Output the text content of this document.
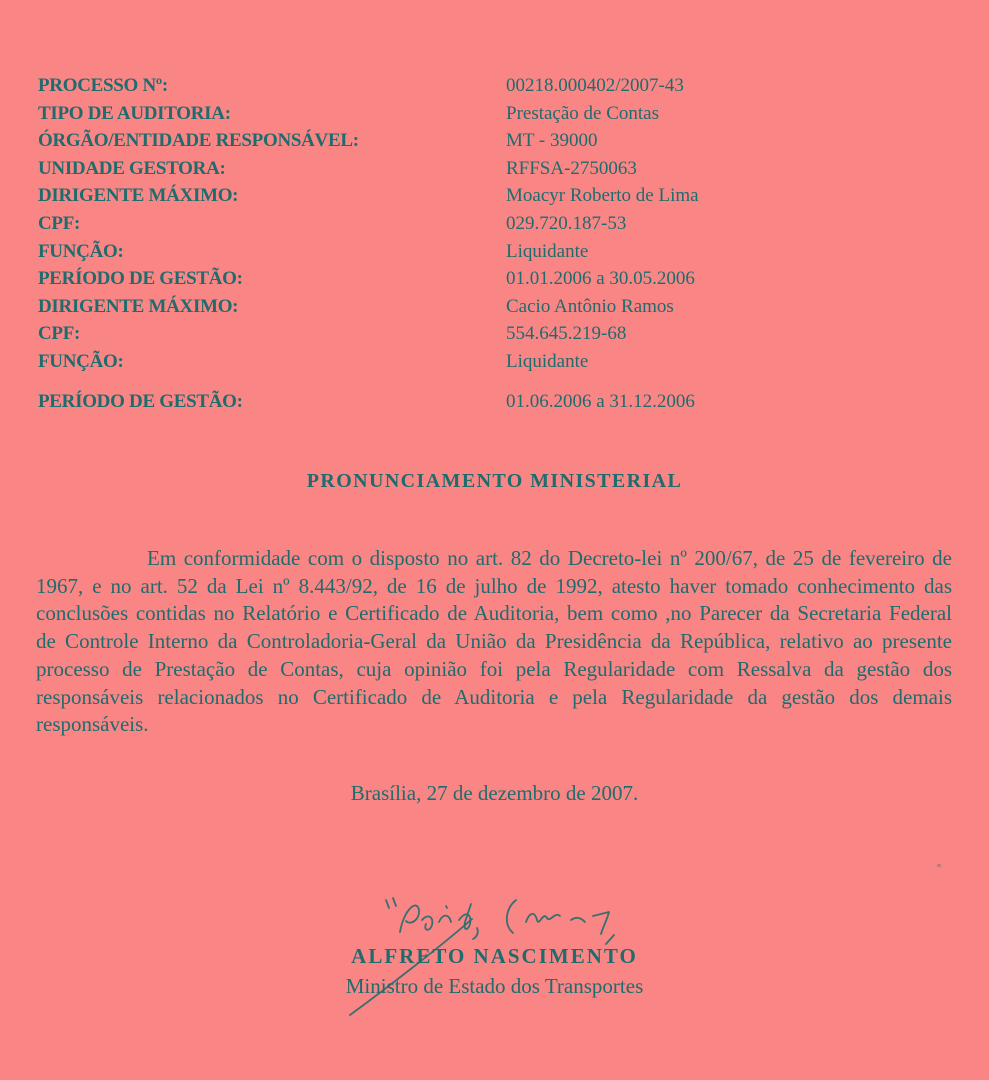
PROCESSO Nº:	00218.000402/2007-43
TIPO DE AUDITORIA:	Prestação de Contas
ÓRGÃO/ENTIDADE RESPONSÁVEL:	MT - 39000
UNIDADE GESTORA:	RFFSA-2750063
DIRIGENTE MÁXIMO:	Moacyr Roberto de Lima
CPF:	029.720.187-53
FUNÇÃO:	Liquidante
PERÍODO DE GESTÃO:	01.01.2006 a 30.05.2006
DIRIGENTE MÁXIMO:	Cacio Antônio Ramos
CPF:	554.645.219-68
FUNÇÃO:	Liquidante
PERÍODO DE GESTÃO:	01.06.2006 a 31.12.2006
PRONUNCIAMENTO MINISTERIAL

Em conformidade com o disposto no art. 82 do Decreto-lei nº 200/67, de 25 de fevereiro de 1967, e no art. 52 da Lei nº 8.443/92, de 16 de julho de 1992, atesto haver tomado conhecimento das conclusões contidas no Relatório e Certificado de Auditoria, bem como ,no Parecer da Secretaria Federal de Controle Interno da Controladoria-Geral da União da Presidência da República, relativo ao presente processo de Prestação de Contas, cuja opinião foi pela Regularidade com Ressalva da gestão dos responsáveis relacionados no Certificado de Auditoria e pela Regularidade da gestão dos demais responsáveis.

Brasília, 27 de dezembro de 2007.
ALFRETO NASCIMENTO
Ministro de Estado dos Transportes
